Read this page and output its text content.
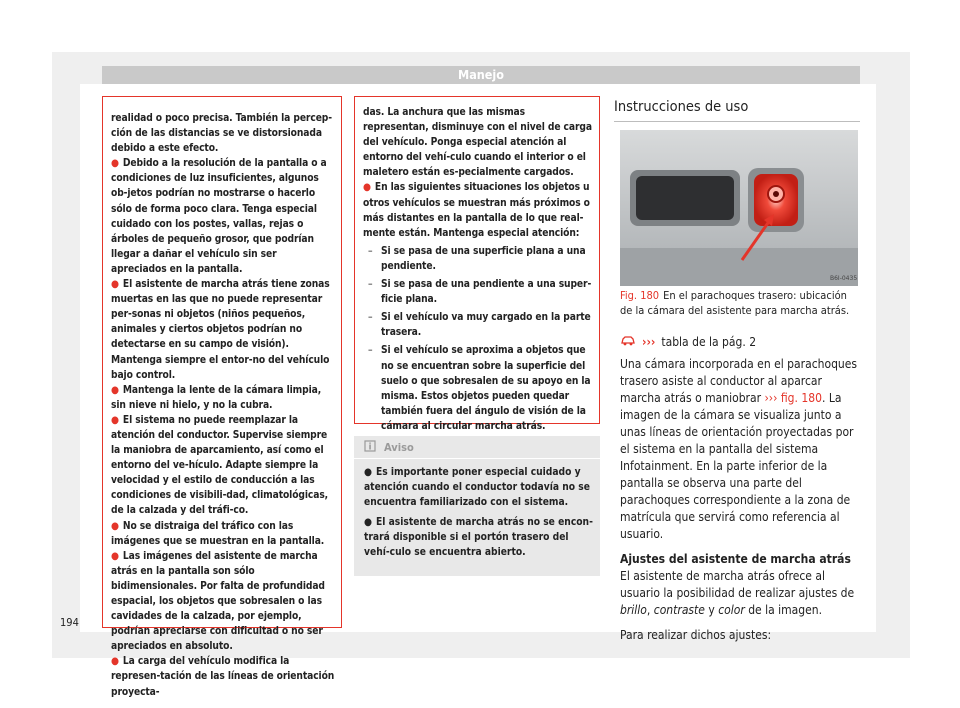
Manejo

realidad o poco precisa. También la percep-ción de las distancias se ve distorsionada debido a este efecto.

● Debido a la resolución de la pantalla o a condiciones de luz insuficientes, algunos ob-jetos podrían no mostrarse o hacerlo sólo de forma poco clara. Tenga especial cuidado con los postes, vallas, rejas o árboles de pequeño grosor, que podrían llegar a dañar el vehículo sin ser apreciados en la pantalla.

● El asistente de marcha atrás tiene zonas muertas en las que no puede representar per-sonas ni objetos (niños pequeños, animales y ciertos objetos podrían no detectarse en su campo de visión). Mantenga siempre el entor-no del vehículo bajo control.

● Mantenga la lente de la cámara limpia, sin nieve ni hielo, y no la cubra.

● El sistema no puede reemplazar la atención del conductor. Supervise siempre la maniobra de aparcamiento, así como el entorno del ve-hículo. Adapte siempre la velocidad y el estilo de conducción a las condiciones de visibili-dad, climatológicas, de la calzada y del tráfi-co.

● No se distraiga del tráfico con las imágenes que se muestran en la pantalla.

● Las imágenes del asistente de marcha atrás en la pantalla son sólo bidimensionales. Por falta de profundidad espacial, los objetos que sobresalen o las cavidades de la calzada, por ejemplo, podrían apreciarse con dificultad o no ser apreciados en absoluto.

● La carga del vehículo modifica la represen-tación de las líneas de orientación proyecta-

das. La anchura que las mismas representan, disminuye con el nivel de carga del vehículo. Ponga especial atención al entorno del vehí-culo cuando el interior o el maletero están es-pecialmente cargados.

● En las siguientes situaciones los objetos u otros vehículos se muestran más próximos o más distantes en la pantalla de lo que real-mente están. Mantenga especial atención:

– Si se pasa de una superficie plana a una pendiente.
– Si se pasa de una pendiente a una super-ficie plana.
– Si el vehículo va muy cargado en la parte trasera.
– Si el vehículo se aproxima a objetos que no se encuentran sobre la superficie del suelo o que sobresalen de su apoyo en la misma. Estos objetos pueden quedar también fuera del ángulo de visión de la cámara al circular marcha atrás.
i Aviso

● Es importante poner especial cuidado y atención cuando el conductor todavía no se encuentra familiarizado con el sistema.

● El asistente de marcha atrás no se encon-trará disponible si el portón trasero del vehí-culo se encuentra abierto.

Instrucciones de uso
B6I-0435
Fig. 180 En el parachoques trasero: ubicación de la cámara del asistente para marcha atrás.
››› tabla de la pág. 2

Una cámara incorporada en el parachoques trasero asiste al conductor al aparcar marcha atrás o maniobrar ››› fig. 180. La imagen de la cámara se visualiza junto a unas líneas de orientación proyectadas por el sistema en la pantalla del sistema Infotainment. En la parte inferior de la pantalla se observa una parte del parachoques correspondiente a la zona de matrícula que servirá como referencia al usuario.

Ajustes del asistente de marcha atrás

El asistente de marcha atrás ofrece al usuario la posibilidad de realizar ajustes de brillo, contraste y color de la imagen.

Para realizar dichos ajustes:

194
